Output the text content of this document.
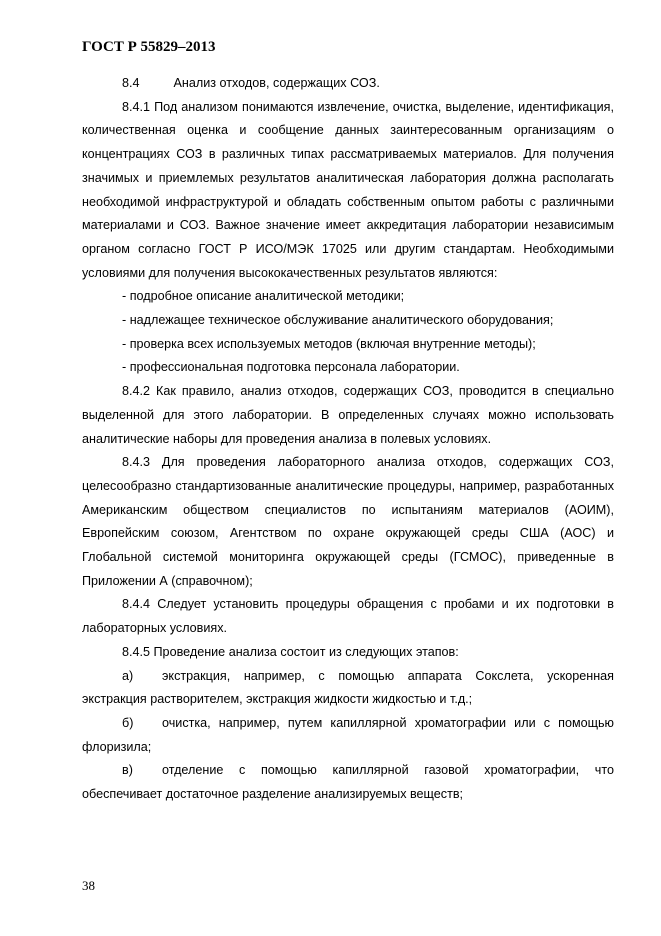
ГОСТ Р 55829–2013

8.4	Анализ отходов, содержащих СОЗ.

8.4.1 Под анализом понимаются извлечение, очистка, выделение, идентификация, количественная оценка и сообщение данных заинтересованным организациям о концентрациях СОЗ в различных типах рассматриваемых материалов. Для получения значимых и приемлемых результатов аналитическая лаборатория должна располагать необходимой инфраструктурой и обладать собственным опытом работы с различными материалами и СОЗ. Важное значение имеет аккредитация лаборатории независимым органом согласно ГОСТ Р ИСО/МЭК 17025 или другим стандартам. Необходимыми условиями для получения высококачественных результатов являются:

- подробное описание аналитической методики;

- надлежащее техническое обслуживание аналитического оборудования;

- проверка всех используемых методов (включая внутренние методы);

- профессиональная подготовка персонала лаборатории.

8.4.2 Как правило, анализ отходов, содержащих СОЗ, проводится в специально выделенной для этого лаборатории. В определенных случаях можно использовать аналитические наборы для проведения анализа в полевых условиях.

8.4.3 Для проведения лабораторного анализа отходов, содержащих СОЗ, целесообразно стандартизованные аналитические процедуры, например, разработанных Американским обществом специалистов по испытаниям материалов (АОИМ), Европейским союзом, Агентством по охране окружающей среды США (АОС) и Глобальной системой мониторинга окружающей среды (ГСМОС), приведенные в Приложении А (справочном);

8.4.4 Следует установить процедуры обращения с пробами и их подготовки в лабораторных условиях.

8.4.5 Проведение анализа состоит из следующих этапов:

а) экстракция, например, с помощью аппарата Сокслета, ускоренная экстракция растворителем, экстракция жидкости жидкостью и т.д.;

б) очистка, например, путем капиллярной хроматографии или с помощью флоризила;

в) отделение с помощью капиллярной газовой хроматографии, что обеспечивает достаточное разделение анализируемых веществ;

38
